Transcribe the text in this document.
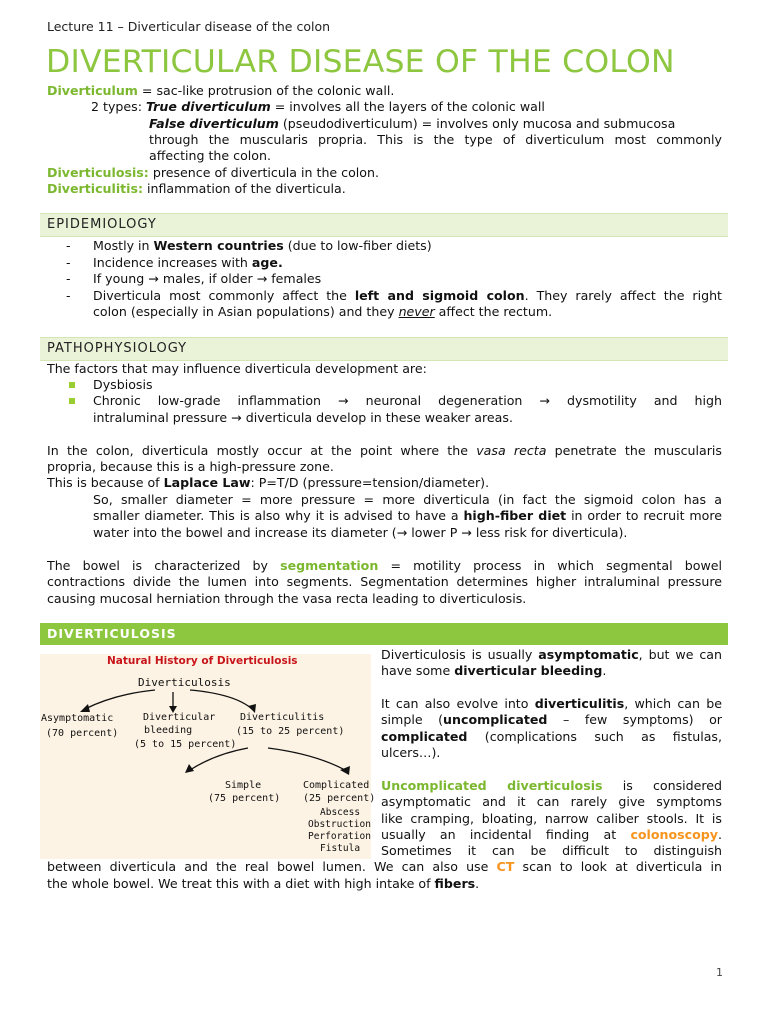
Lecture 11 – Diverticular disease of the colon
DIVERTICULAR DISEASE OF THE COLON
Diverticulum = sac-like protrusion of the colonic wall.
2 types: True diverticulum = involves all the layers of the colonic wall
False diverticulum (pseudodiverticulum) = involves only mucosa and submucosa
through the muscularis propria. This is the type of diverticulum most commonly
affecting the colon.
Diverticulosis: presence of diverticula in the colon.
Diverticulitis: inflammation of the diverticula.
EPIDEMIOLOGY
- Mostly in Western countries (due to low-fiber diets)
- Incidence increases with age.
- If young → males, if older → females
- Diverticula most commonly affect the left and sigmoid colon. They rarely affect the right
colon (especially in Asian populations) and they never affect the rectum.
PATHOPHYSIOLOGY
The factors that may influence diverticula development are:
Dysbiosis
Chronic low-grade inflammation → neuronal degeneration → dysmotility and high
intraluminal pressure → diverticula develop in these weaker areas.
In the colon, diverticula mostly occur at the point where the vasa recta penetrate the muscularis
propria, because this is a high-pressure zone.
This is because of Laplace Law: P=T/D (pressure=tension/diameter).
So, smaller diameter = more pressure = more diverticula (in fact the sigmoid colon has a
smaller diameter. This is also why it is advised to have a high-fiber diet in order to recruit more
water into the bowel and increase its diameter (→ lower P → less risk for diverticula).
The bowel is characterized by segmentation = motility process in which segmental bowel
contractions divide the lumen into segments. Segmentation determines higher intraluminal pressure
causing mucosal herniation through the vasa recta leading to diverticulosis.
DIVERTICULOSIS
Natural History of Diverticulosis
Diverticulosis
Asymptomatic
(70 percent)
Diverticular
bleeding
(5 to 15 percent)
Diverticulitis
(15 to 25 percent)
Simple
(75 percent)
Complicated
(25 percent)
Abscess
Obstruction
Perforation
Fistula
Diverticulosis is usually asymptomatic, but we can
have some diverticular bleeding.
It can also evolve into diverticulitis, which can be
simple (uncomplicated – few symptoms) or
complicated (complications such as fistulas,
ulcers…).
Uncomplicated diverticulosis is considered
asymptomatic and it can rarely give symptoms
like cramping, bloating, narrow caliber stools. It is
usually an incidental finding at colonoscopy.
Sometimes it can be difficult to distinguish
between diverticula and the real bowel lumen. We can also use CT scan to look at diverticula in
the whole bowel. We treat this with a diet with high intake of fibers.
1
